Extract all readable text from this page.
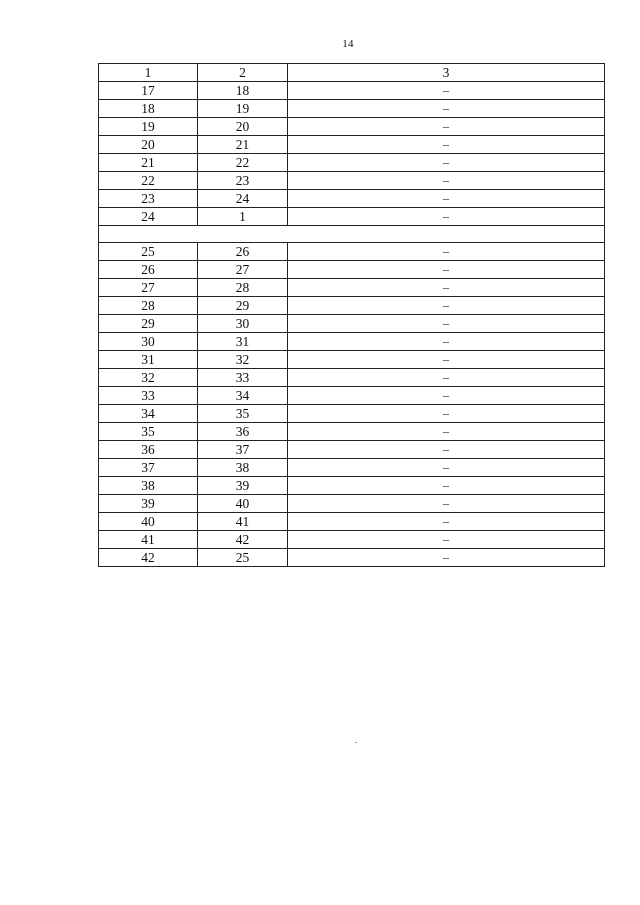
14
1	2	3
17	18	–
18	19	–
19	20	–
20	21	–
21	22	–
22	23	–
23	24	–
24	1	–

25	26	–
26	27	–
27	28	–
28	29	–
29	30	–
30	31	–
31	32	–
32	33	–
33	34	–
34	35	–
35	36	–
36	37	–
37	38	–
38	39	–
39	40	–
40	41	–
41	42	–
42	25	–
